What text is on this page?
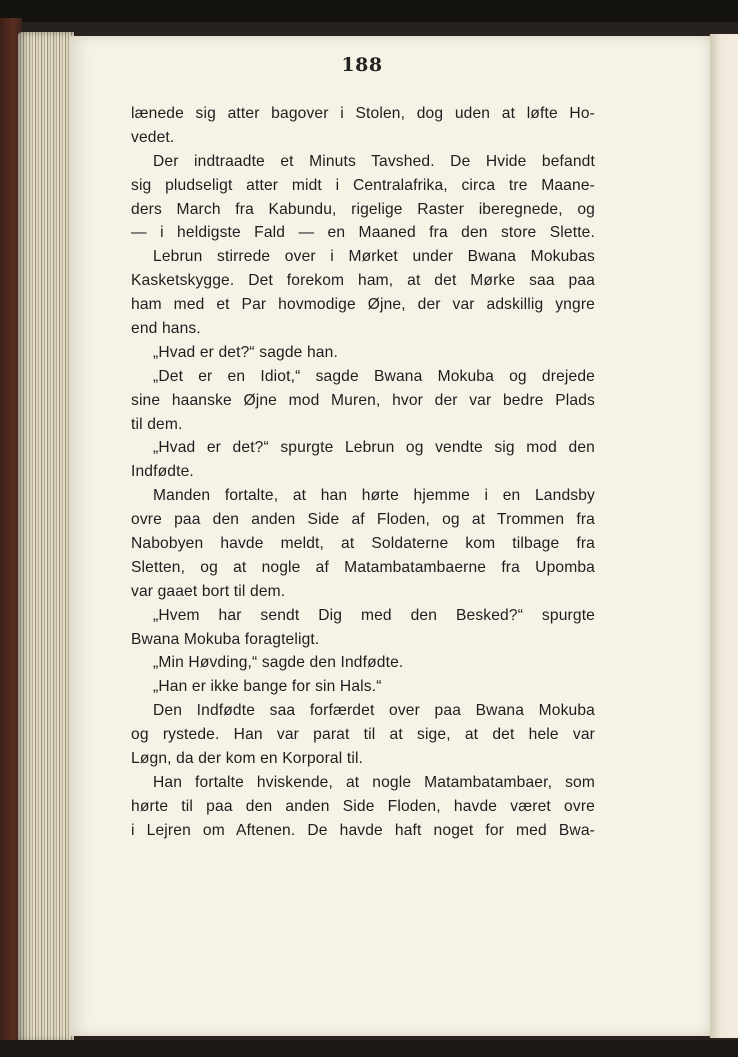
188
lænede sig atter bagover i Stolen, dog uden at løfte Ho-
vedet.
Der indtraadte et Minuts Tavshed. De Hvide befandt
sig pludseligt atter midt i Centralafrika, circa tre Maane-
ders March fra Kabundu, rigelige Raster iberegnede, og
— i heldigste Fald — en Maaned fra den store Slette.
Lebrun stirrede over i Mørket under Bwana Mokubas
Kasketskygge. Det forekom ham, at det Mørke saa paa
ham med et Par hovmodige Øjne, der var adskillig yngre
end hans.
„Hvad er det?“ sagde han.
„Det er en Idiot,“ sagde Bwana Mokuba og drejede
sine haanske Øjne mod Muren, hvor der var bedre Plads
til dem.
„Hvad er det?“ spurgte Lebrun og vendte sig mod den
Indfødte.
Manden fortalte, at han hørte hjemme i en Landsby
ovre paa den anden Side af Floden, og at Trommen fra
Nabobyen havde meldt, at Soldaterne kom tilbage fra
Sletten, og at nogle af Matambatambaerne fra Upomba
var gaaet bort til dem.
„Hvem har sendt Dig med den Besked?“ spurgte
Bwana Mokuba foragteligt.
„Min Høvding,“ sagde den Indfødte.
„Han er ikke bange for sin Hals.“
Den Indfødte saa forfærdet over paa Bwana Mokuba
og rystede. Han var parat til at sige, at det hele var
Løgn, da der kom en Korporal til.
Han fortalte hviskende, at nogle Matambatambaer, som
hørte til paa den anden Side Floden, havde været ovre
i Lejren om Aftenen. De havde haft noget for med Bwa-
